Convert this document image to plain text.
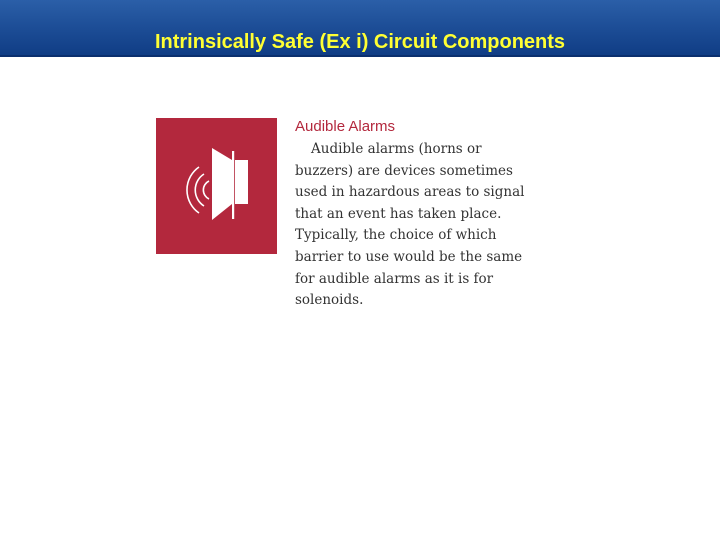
Intrinsically Safe (Ex i) Circuit Components
Audible Alarms
Audible alarms (horns or
buzzers) are devices sometimes
used in hazardous areas to signal
that an event has taken place.
Typically, the choice of which
barrier to use would be the same
for audible alarms as it is for
solenoids.
